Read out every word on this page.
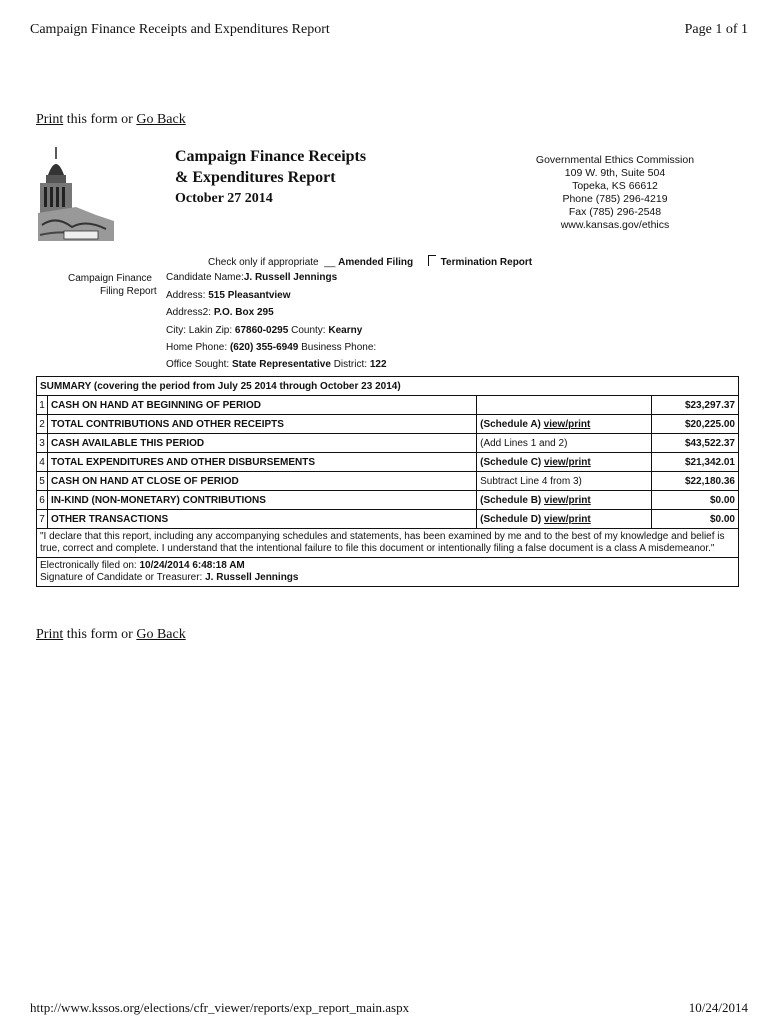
Campaign Finance Receipts and Expenditures Report	Page 1 of 1
Print this form or Go Back
Campaign Finance Receipts
& Expenditures Report
October 27 2014
Governmental Ethics Commission
109 W. 9th, Suite 504
Topeka, KS 66612
Phone (785) 296-4219
Fax (785) 296-2548
www.kansas.gov/ethics
Check only if appropriate __ Amended Filing	Termination Report
Campaign Finance
Filing Report
Candidate Name:J. Russell Jennings
Address: 515 Pleasantview
Address2: P.O. Box 295
City: Lakin Zip: 67860-0295 County: Kearny
Home Phone: (620) 355-6949 Business Phone:
Office Sought: State Representative District: 122
SUMMARY (covering the period from July 25 2014 through October 23 2014)			
1	CASH ON HAND AT BEGINNING OF PERIOD		$23,297.37
2	TOTAL CONTRIBUTIONS AND OTHER RECEIPTS	(Schedule A) view/print	$20,225.00
3	CASH AVAILABLE THIS PERIOD	(Add Lines 1 and 2)	$43,522.37
4	TOTAL EXPENDITURES AND OTHER DISBURSEMENTS	(Schedule C) view/print	$21,342.01
5	CASH ON HAND AT CLOSE OF PERIOD	Subtract Line 4 from 3)	$22,180.36
6	IN-KIND (NON-MONETARY) CONTRIBUTIONS	(Schedule B) view/print	$0.00
7	OTHER TRANSACTIONS	(Schedule D) view/print	$0.00
"I declare that this report, including any accompanying schedules and statements, has been examined by me and to the best of my knowledge and belief is true, correct and complete. I understand that the intentional failure to file this document or intentionally filing a false document is a class A misdemeanor."			

Electronically filed on: 10/24/2014 6:48:18 AM
Signature of Candidate or Treasurer: J. Russell Jennings			
Print this form or Go Back
http://www.kssos.org/elections/cfr_viewer/reports/exp_report_main.aspx	10/24/2014
